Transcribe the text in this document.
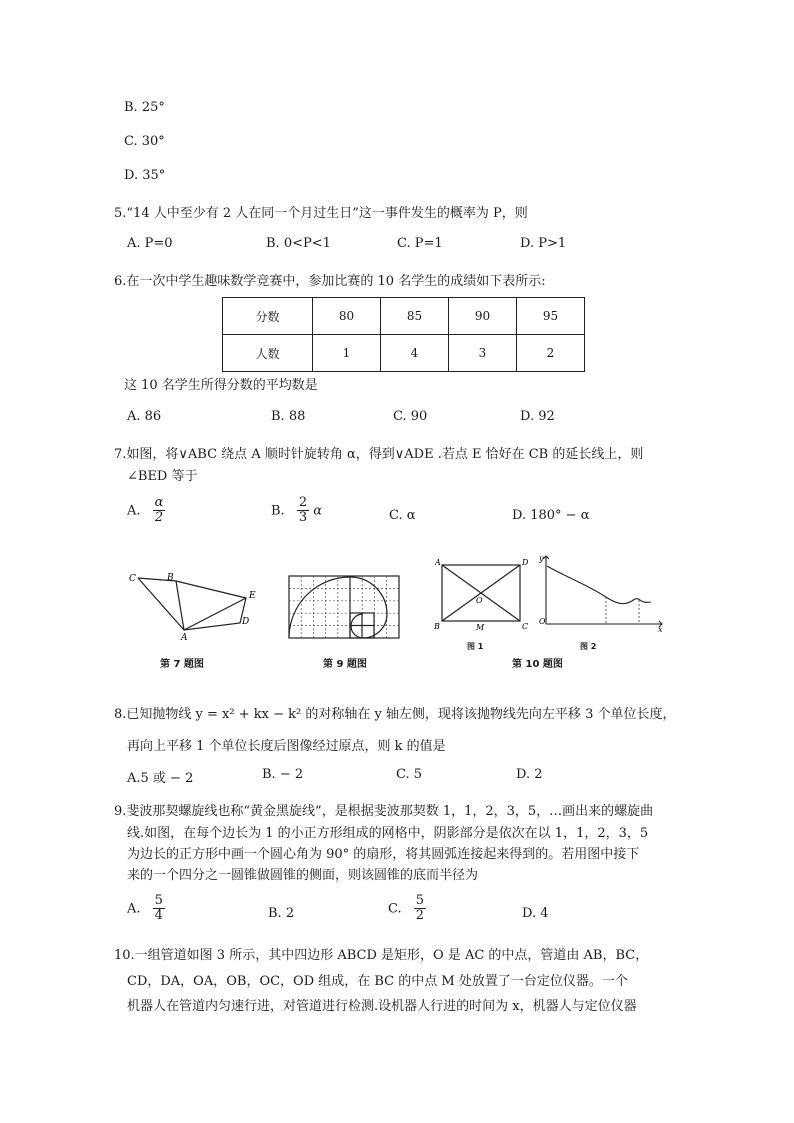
B. 25°
C. 30°
D. 35°
5.“14 人中至少有 2 人在同一个月过生日”这一事件发生的概率为 P，则
A. P=0	B. 0<P<1	C. P=1	D. P>1
6.在一次中学生趣味数学竞赛中，参加比赛的 10 名学生的成绩如下表所示:
分数	80	85	90	95
人数	1	4	3	2
这 10 名学生所得分数的平均数是
A. 86	B. 88	C. 90	D. 92
7.如图，将∨ABC 绕点 A 顺时针旋转角 α，得到∨ADE .若点 E 恰好在 CB 的延长线上，则
∠BED 等于
A. $\frac{\alpha}{2}$	B. $\frac{2}{3}$ α	C. α	D. 180° − α
C	B
E
D
A
第 7 题图	第 9 题图
A	D
O
B	M	C
图 1
y
O
x
图 2
第 10 题图
8.已知抛物线 y = x² + kx − k² 的对称轴在 y 轴左侧，现将该抛物线先向左平移 3 个单位长度，
再向上平移 1 个单位长度后图像经过原点，则 k 的值是
A.5 或 − 2	B. − 2	C. 5	D. 2
9.斐波那契螺旋线也称“黄金黑旋线”，是根据斐波那契数 1，1，2，3，5，…画出来的螺旋曲
线.如图，在每个边长为 1 的小正方形组成的网格中，阴影部分是依次在以 1，1，2，3，5
为边长的正方形中画一个圆心角为 90° 的扇形，将其圆弧连接起来得到的。若用图中接下
来的一个四分之一圆锥做圆锥的侧面，则该圆锥的底而半径为
A. $\frac{5}{4}$	B. 2	C. $\frac{5}{2}$	D. 4
10.一组管道如图 3 所示，其中四边形 ABCD 是矩形，O 是 AC 的中点，管道由 AB，BC，
CD，DA，OA，OB，OC，OD 组成，在 BC 的中点 M 处放置了一台定位仪器。一个
机器人在管道内匀速行进，对管道进行检测.设机器人行进的时间为 x，机器人与定位仪器
